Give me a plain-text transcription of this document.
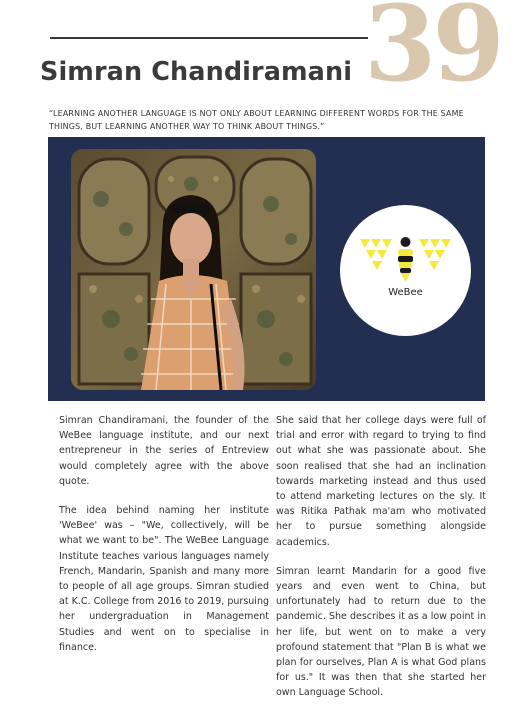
39
Simran Chandiramani
“LEARNING ANOTHER LANGUAGE IS NOT ONLY ABOUT LEARNING DIFFERENT WORDS FOR THE SAME THINGS, BUT LEARNING ANOTHER WAY TO THINK ABOUT THINGS.”
WeBee

Simran Chandiramani, the founder of the WeBee language institute, and our next entrepreneur in the series of Entreview would completely agree with the above quote.

The idea behind naming her institute 'WeBee' was – "We, collectively, will be what we want to be". The WeBee Language Institute teaches various languages namely French, Mandarin, Spanish and many more to people of all age groups. Simran studied at K.C. College from 2016 to 2019, pursuing her undergraduation in Management Studies and went on to specialise in finance.

She said that her college days were full of trial and error with regard to trying to find out what she was passionate about. She soon realised that she had an inclination towards marketing instead and thus used to attend marketing lectures on the sly. It was Ritika Pathak ma'am who motivated her to pursue something alongside academics.

Simran learnt Mandarin for a good five years and even went to China, but unfortunately had to return due to the pandemic. She describes it as a low point in her life, but went on to make a very profound statement that "Plan B is what we plan for ourselves, Plan A is what God plans for us." It was then that she started her own Language School.
